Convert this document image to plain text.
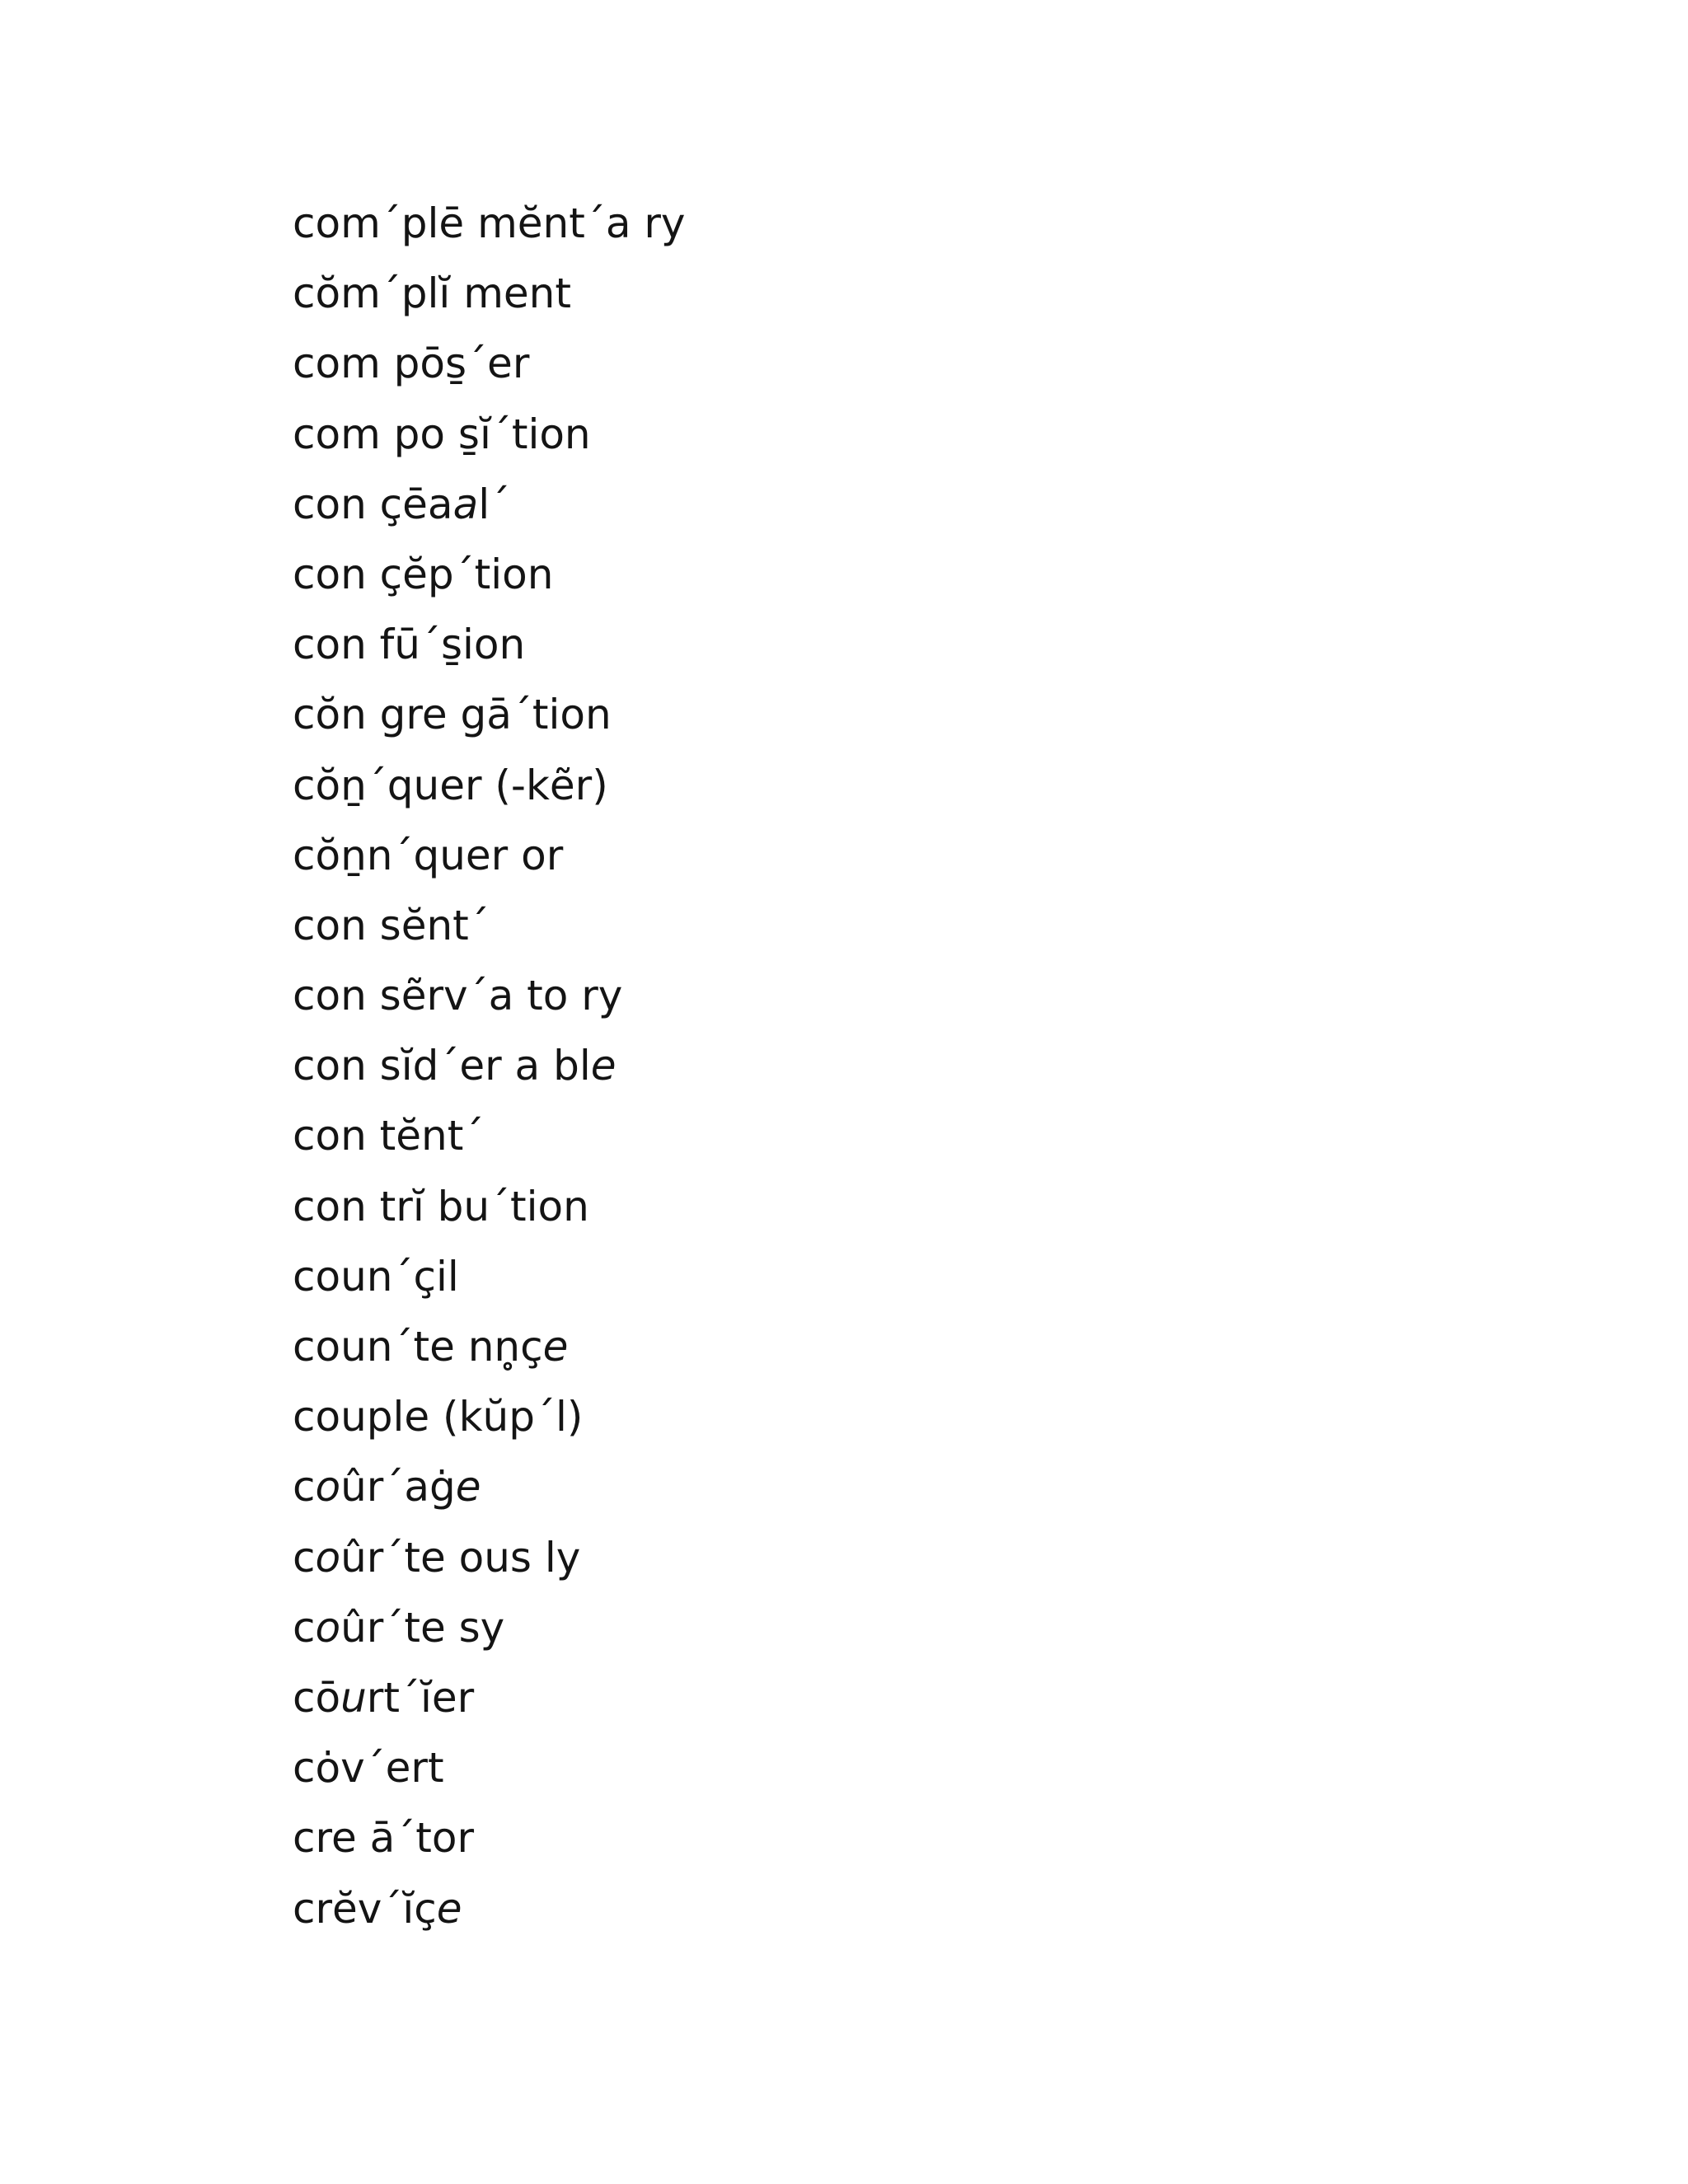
com´plē mĕnt´a ry
cŏm´plĭ ment
com pōs̱´er
com po s̱ĭ´tion
con çēaal´
con çĕp´tion
con fū´s̱ion
cŏn gre gā´tion
cŏṉ´quer (-kẽr)
cŏṉn´quer or
con sĕnt´
con sẽrv´a to ry
con sĭd´er a ble
con tĕnt´
con trĭ bu´tion
coun´çil
coun´te nn̥çe
couple (kŭp´l)
coûr´aġe
coûr´te ous ly
coûr´te sy
cōurt´ĭer
cȯv´ert
cre ā´tor
crĕv´ĭçe
